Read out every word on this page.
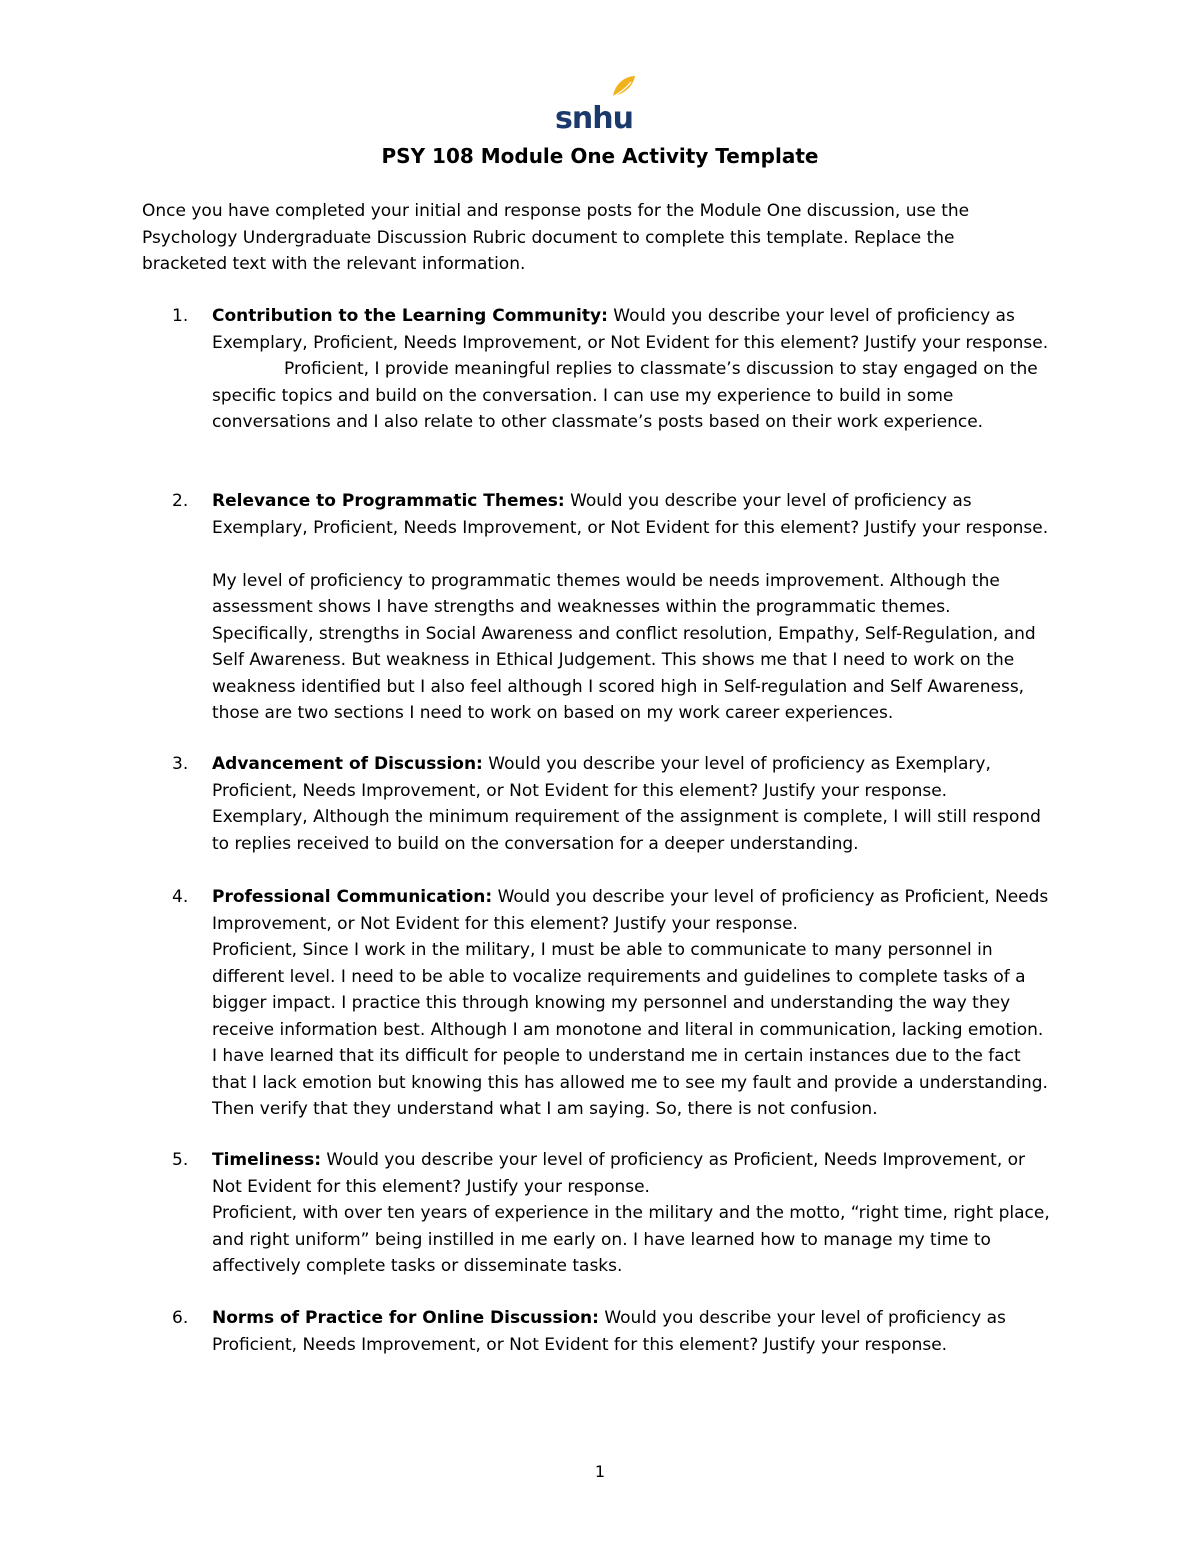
snhu
PSY 108 Module One Activity Template
Once you have completed your initial and response posts for the Module One discussion, use the Psychology Undergraduate Discussion Rubric document to complete this template. Replace the bracketed text with the relevant information.
1.	Contribution to the Learning Community: Would you describe your level of proficiency as Exemplary, Proficient, Needs Improvement, or Not Evident for this element? Justify your response.
Proficient, I provide meaningful replies to classmate’s discussion to stay engaged on the specific topics and build on the conversation. I can use my experience to build in some conversations and I also relate to other classmate’s posts based on their work experience.
2.	Relevance to Programmatic Themes: Would you describe your level of proficiency as Exemplary, Proficient, Needs Improvement, or Not Evident for this element? Justify your response.
My level of proficiency to programmatic themes would be needs improvement. Although the assessment shows I have strengths and weaknesses within the programmatic themes. Specifically, strengths in Social Awareness and conflict resolution, Empathy, Self-Regulation, and Self Awareness. But weakness in Ethical Judgement. This shows me that I need to work on the weakness identified but I also feel although I scored high in Self-regulation and Self Awareness, those are two sections I need to work on based on my work career experiences.
3.	Advancement of Discussion: Would you describe your level of proficiency as Exemplary, Proficient, Needs Improvement, or Not Evident for this element? Justify your response.
Exemplary, Although the minimum requirement of the assignment is complete, I will still respond to replies received to build on the conversation for a deeper understanding.
4.	Professional Communication: Would you describe your level of proficiency as Proficient, Needs Improvement, or Not Evident for this element? Justify your response.
Proficient, Since I work in the military, I must be able to communicate to many personnel in different level. I need to be able to vocalize requirements and guidelines to complete tasks of a bigger impact. I practice this through knowing my personnel and understanding the way they receive information best. Although I am monotone and literal in communication, lacking emotion. I have learned that its difficult for people to understand me in certain instances due to the fact that I lack emotion but knowing this has allowed me to see my fault and provide a understanding. Then verify that they understand what I am saying. So, there is not confusion.
5.	Timeliness: Would you describe your level of proficiency as Proficient, Needs Improvement, or Not Evident for this element? Justify your response.
Proficient, with over ten years of experience in the military and the motto, “right time, right place, and right uniform” being instilled in me early on. I have learned how to manage my time to affectively complete tasks or disseminate tasks.
6.	Norms of Practice for Online Discussion: Would you describe your level of proficiency as Proficient, Needs Improvement, or Not Evident for this element? Justify your response.
1
